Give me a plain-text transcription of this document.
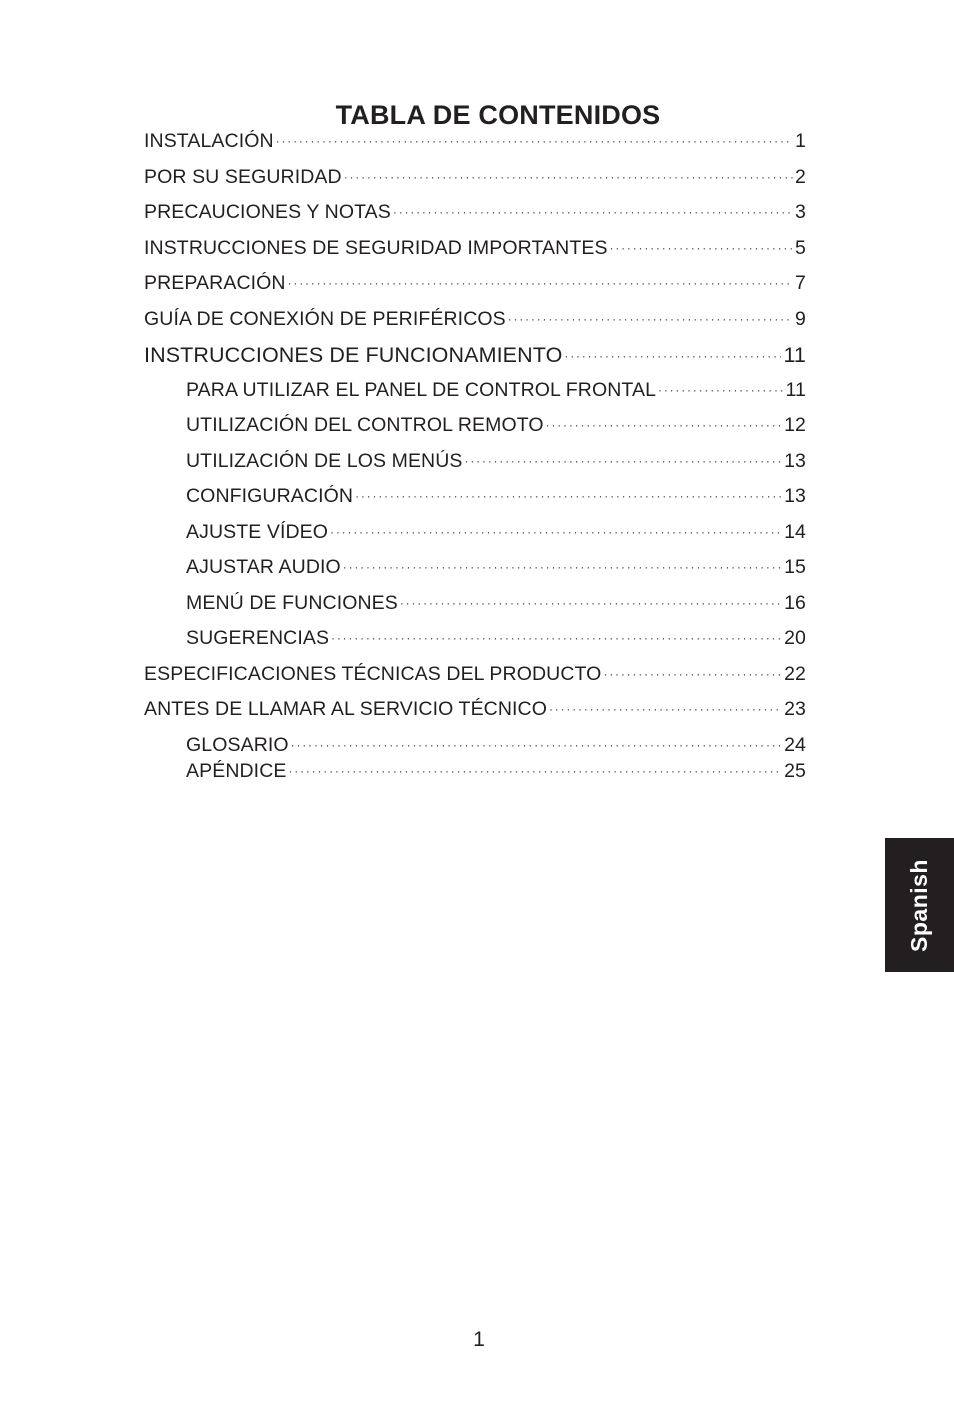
TABLA DE CONTENIDOS
INSTALACIÓN ·····	1
POR SU SEGURIDAD ·····	2
PRECAUCIONES Y NOTAS ·····	3
INSTRUCCIONES DE SEGURIDAD IMPORTANTES ·····	5
PREPARACIÓN ·····	7
GUÍA DE CONEXIÓN DE PERIFÉRICOS ·····	9
INSTRUCCIONES DE FUNCIONAMIENTO ·····	11
PARA UTILIZAR EL PANEL DE CONTROL FRONTAL ·····	11
UTILIZACIÓN DEL CONTROL REMOTO ·····	12
UTILIZACIÓN DE LOS MENÚS ·····	13
CONFIGURACIÓN ·····	13
AJUSTE VÍDEO ·····	14
AJUSTAR AUDIO ·····	15
MENÚ DE FUNCIONES ·····	16
SUGERENCIAS ·····	20
ESPECIFICACIONES TÉCNICAS DEL PRODUCTO ·····	22
ANTES DE LLAMAR AL SERVICIO TÉCNICO ·····	23
GLOSARIO ·····	24
APÉNDICE ·····	25
Spanish
1
